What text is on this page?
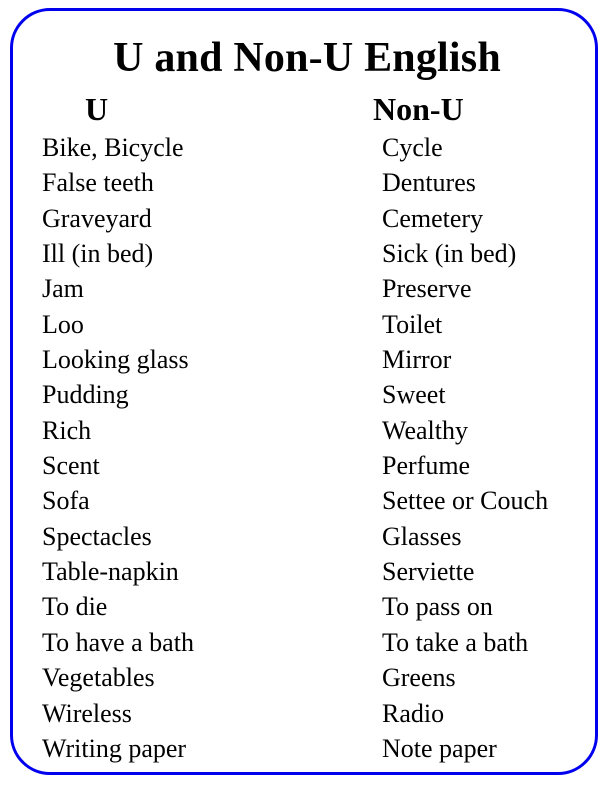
U and Non-U English
U	Non-U
Bike, Bicycle
False teeth
Graveyard
Ill (in bed)
Jam
Loo
Looking glass
Pudding
Rich
Scent
Sofa
Spectacles
Table-napkin
To die
To have a bath
Vegetables
Wireless
Writing paper
Cycle
Dentures
Cemetery
Sick (in bed)
Preserve
Toilet
Mirror
Sweet
Wealthy
Perfume
Settee or Couch
Glasses
Serviette
To pass on
To take a bath
Greens
Radio
Note paper
